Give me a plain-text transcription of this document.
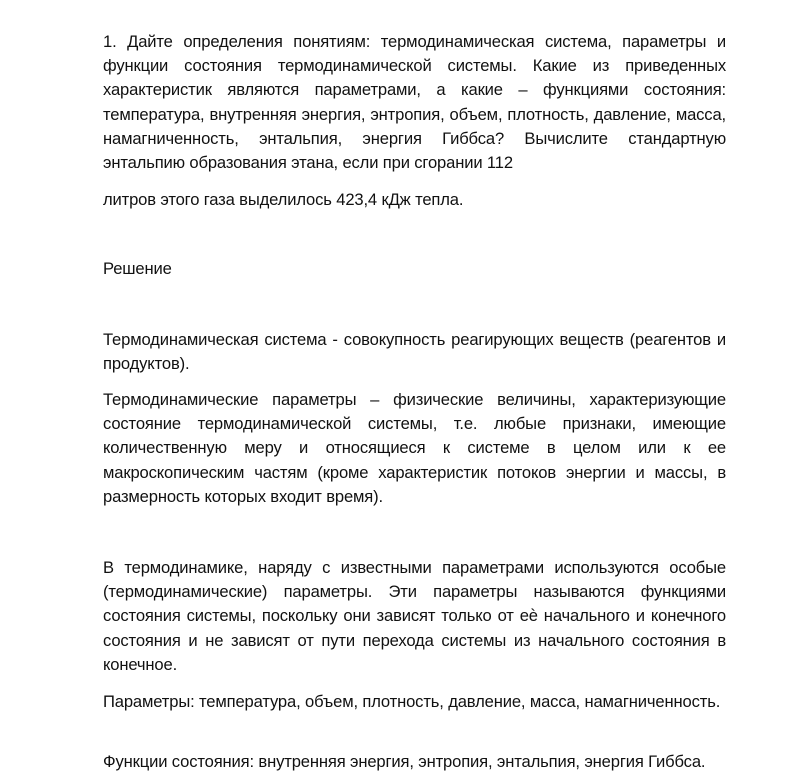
1. Дайте определения понятиям: термодинамическая система, параметры и функции состояния термодинамической системы. Какие из приведенных характеристик являются параметрами, а какие – функциями состояния: температура, внутренняя энергия, энтропия, объем, плотность, давление, масса, намагниченность, энтальпия, энергия Гиббса? Вычислите стандартную энтальпию образования этана, если при сгорании 112

литров этого газа выделилось 423,4 кДж тепла.

Решение

Термодинамическая система - совокупность реагирующих веществ (реагентов и продуктов).

Термодинамические параметры – физические величины, характеризующие состояние термодинамической системы, т.е. любые признаки, имеющие количественную меру и относящиеся к системе в целом или к ее макроскопическим частям (кроме характеристик потоков энергии и массы, в размерность которых входит время).

В термодинамике, наряду с известными параметрами используются особые (термодинамические) параметры. Эти параметры называются функциями состояния системы, поскольку они зависят только от еѐ начального и конечного состояния и не зависят от пути перехода системы из начального состояния в конечное.

Параметры: температура, объем, плотность, давление, масса, намагниченность.

Функции состояния: внутренняя энергия, энтропия, энтальпия, энергия Гиббса.
